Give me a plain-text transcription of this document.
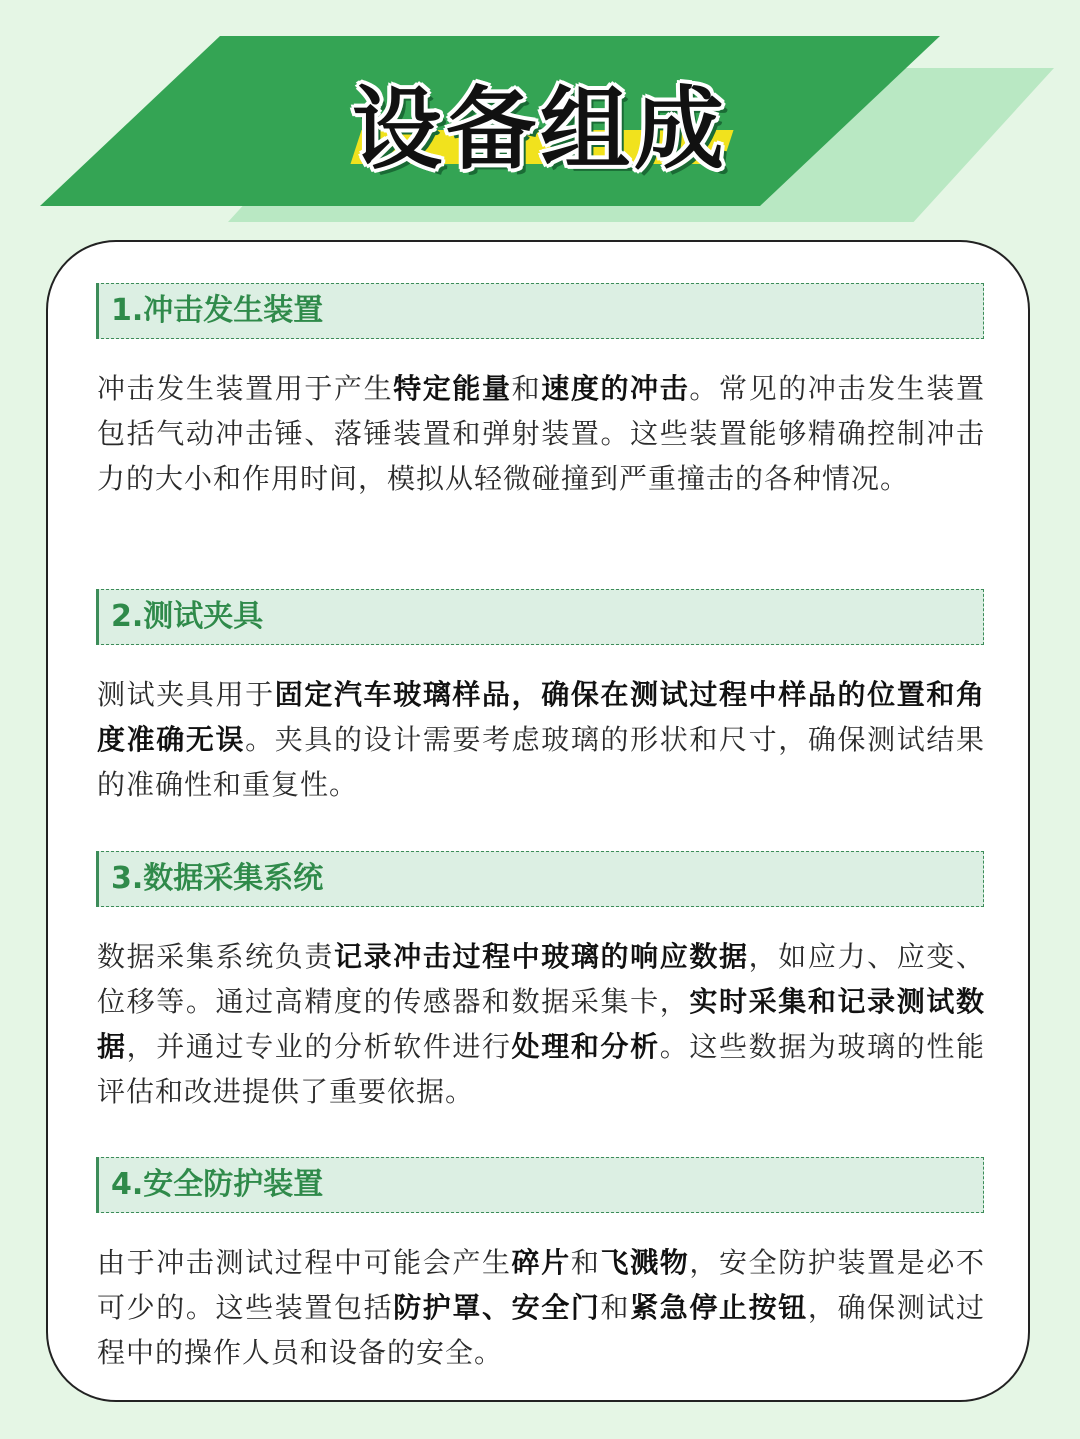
设备组成
1.冲击发生装置
冲击发生装置用于产生特定能量和速度的冲击。常见的冲击发生装置包括气动冲击锤、落锤装置和弹射装置。这些装置能够精确控制冲击力的大小和作用时间，模拟从轻微碰撞到严重撞击的各种情况。
2.测试夹具
测试夹具用于固定汽车玻璃样品，确保在测试过程中样品的位置和角度准确无误。夹具的设计需要考虑玻璃的形状和尺寸，确保测试结果的准确性和重复性。
3.数据采集系统
数据采集系统负责记录冲击过程中玻璃的响应数据，如应力、应变、位移等。通过高精度的传感器和数据采集卡，实时采集和记录测试数据，并通过专业的分析软件进行处理和分析。这些数据为玻璃的性能评估和改进提供了重要依据。
4.安全防护装置
由于冲击测试过程中可能会产生碎片和飞溅物，安全防护装置是必不可少的。这些装置包括防护罩、安全门和紧急停止按钮，确保测试过程中的操作人员和设备的安全。
